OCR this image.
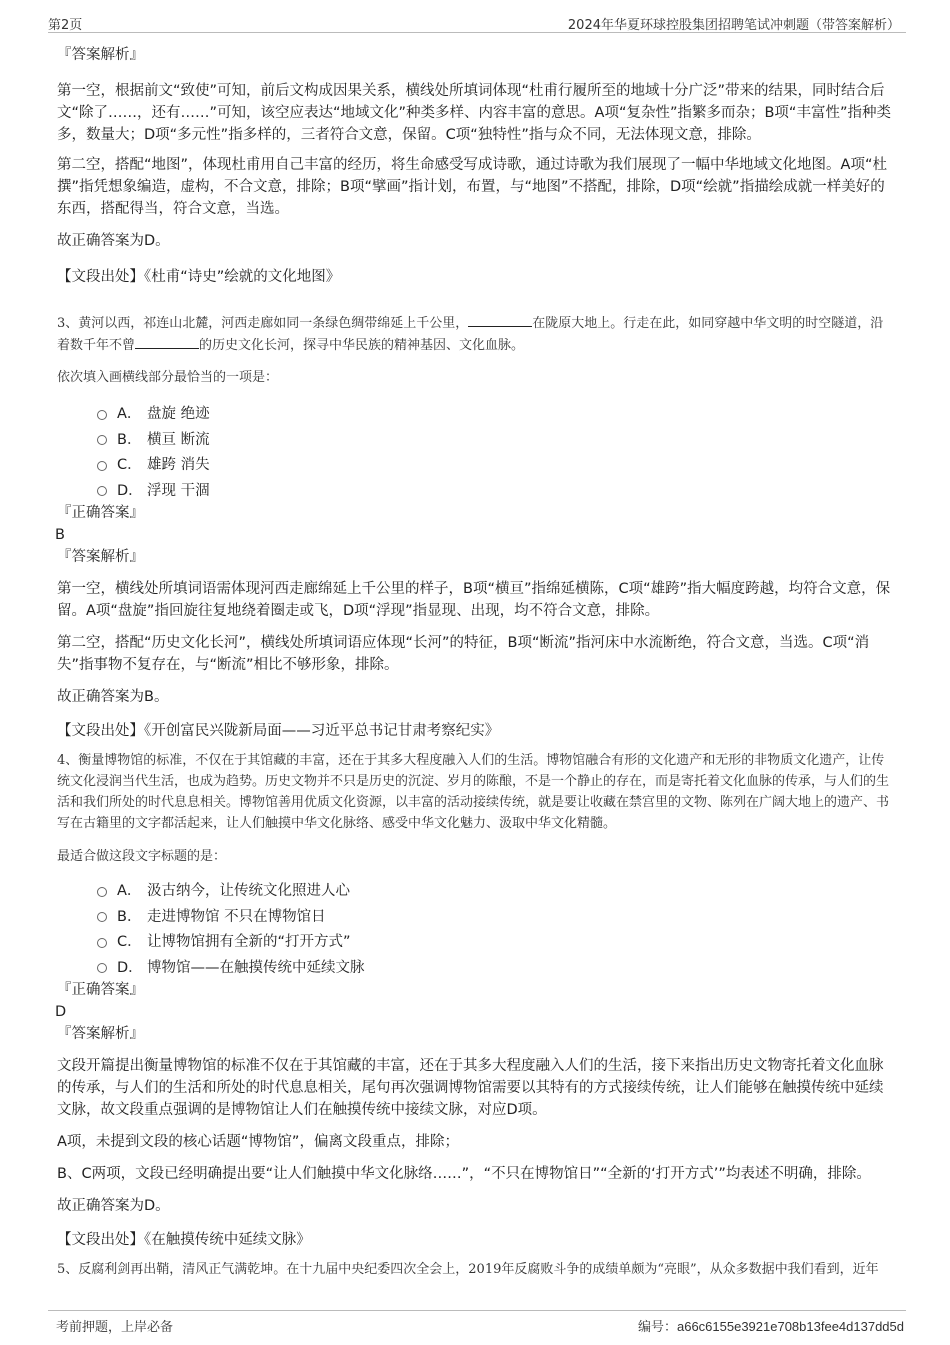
第2页	2024年华夏环球控股集团招聘笔试冲刺题（带答案解析）

『答案解析』

第一空，根据前文“致使”可知，前后文构成因果关系，横线处所填词体现“杜甫行履所至的地域十分广泛”带来的结果，同时结合后文“除了……，还有……”可知，该空应表达“地域文化”种类多样、内容丰富的意思。A项“复杂性”指繁多而杂；B项“丰富性”指种类多，数量大；D项“多元性”指多样的，三者符合文意，保留。C项“独特性”指与众不同，无法体现文意，排除。

第二空，搭配“地图”，体现杜甫用自己丰富的经历，将生命感受写成诗歌，通过诗歌为我们展现了一幅中华地域文化地图。A项“杜撰”指凭想象编造，虚构，不合文意，排除；B项“擘画”指计划，布置，与“地图”不搭配，排除，D项“绘就”指描绘成就一样美好的东西，搭配得当，符合文意，当选。

故正确答案为D。

【文段出处】《杜甫“诗史”绘就的文化地图》

3、黄河以西，祁连山北麓，河西走廊如同一条绿色绸带绵延上千公里，	在陇原大地上。行走在此，如同穿越中华文明的时空隧道，沿着数千年不曾	的历史文化长河，探寻中华民族的精神基因、文化血脉。

依次填入画横线部分最恰当的一项是：

A． 盘旋 绝迹
B． 横亘 断流
C． 雄跨 消失
D． 浮现 干涸

『正确答案』

B

『答案解析』

第一空，横线处所填词语需体现河西走廊绵延上千公里的样子，B项“横亘”指绵延横陈，C项“雄跨”指大幅度跨越，均符合文意，保留。A项“盘旋”指回旋往复地绕着圈走或飞，D项“浮现”指显现、出现，均不符合文意，排除。

第二空，搭配“历史文化长河”，横线处所填词语应体现“长河”的特征，B项“断流”指河床中水流断绝，符合文意，当选。C项“消失”指事物不复存在，与“断流”相比不够形象，排除。

故正确答案为B。

【文段出处】《开创富民兴陇新局面——习近平总书记甘肃考察纪实》

4、衡量博物馆的标准，不仅在于其馆藏的丰富，还在于其多大程度融入人们的生活。博物馆融合有形的文化遗产和无形的非物质文化遗产，让传统文化浸润当代生活，也成为趋势。历史文物并不只是历史的沉淀、岁月的陈酿，不是一个静止的存在，而是寄托着文化血脉的传承，与人们的生活和我们所处的时代息息相关。博物馆善用优质文化资源，以丰富的活动接续传统，就是要让收藏在禁宫里的文物、陈列在广阔大地上的遗产、书写在古籍里的文字都活起来，让人们触摸中华文化脉络、感受中华文化魅力、汲取中华文化精髓。

最适合做这段文字标题的是：

A． 汲古纳今，让传统文化照进人心
B． 走进博物馆 不只在博物馆日
C． 让博物馆拥有全新的“打开方式”
D． 博物馆——在触摸传统中延续文脉

『正确答案』

D

『答案解析』

文段开篇提出衡量博物馆的标准不仅在于其馆藏的丰富，还在于其多大程度融入人们的生活，接下来指出历史文物寄托着文化血脉的传承，与人们的生活和所处的时代息息相关，尾句再次强调博物馆需要以其特有的方式接续传统，让人们能够在触摸传统中延续文脉，故文段重点强调的是博物馆让人们在触摸传统中接续文脉，对应D项。

A项，未提到文段的核心话题“博物馆”，偏离文段重点，排除；

B、C两项，文段已经明确提出要“让人们触摸中华文化脉络……”，“不只在博物馆日”“全新的‘打开方式’”均表述不明确，排除。

故正确答案为D。

【文段出处】《在触摸传统中延续文脉》

5、反腐利剑再出鞘，清风正气满乾坤。在十九届中央纪委四次全会上，2019年反腐败斗争的成绩单颇为“亮眼”，从众多数据中我们看到，近年

考前押题，上岸必备	编号：a66c6155e3921e708b13fee4d137dd5d
